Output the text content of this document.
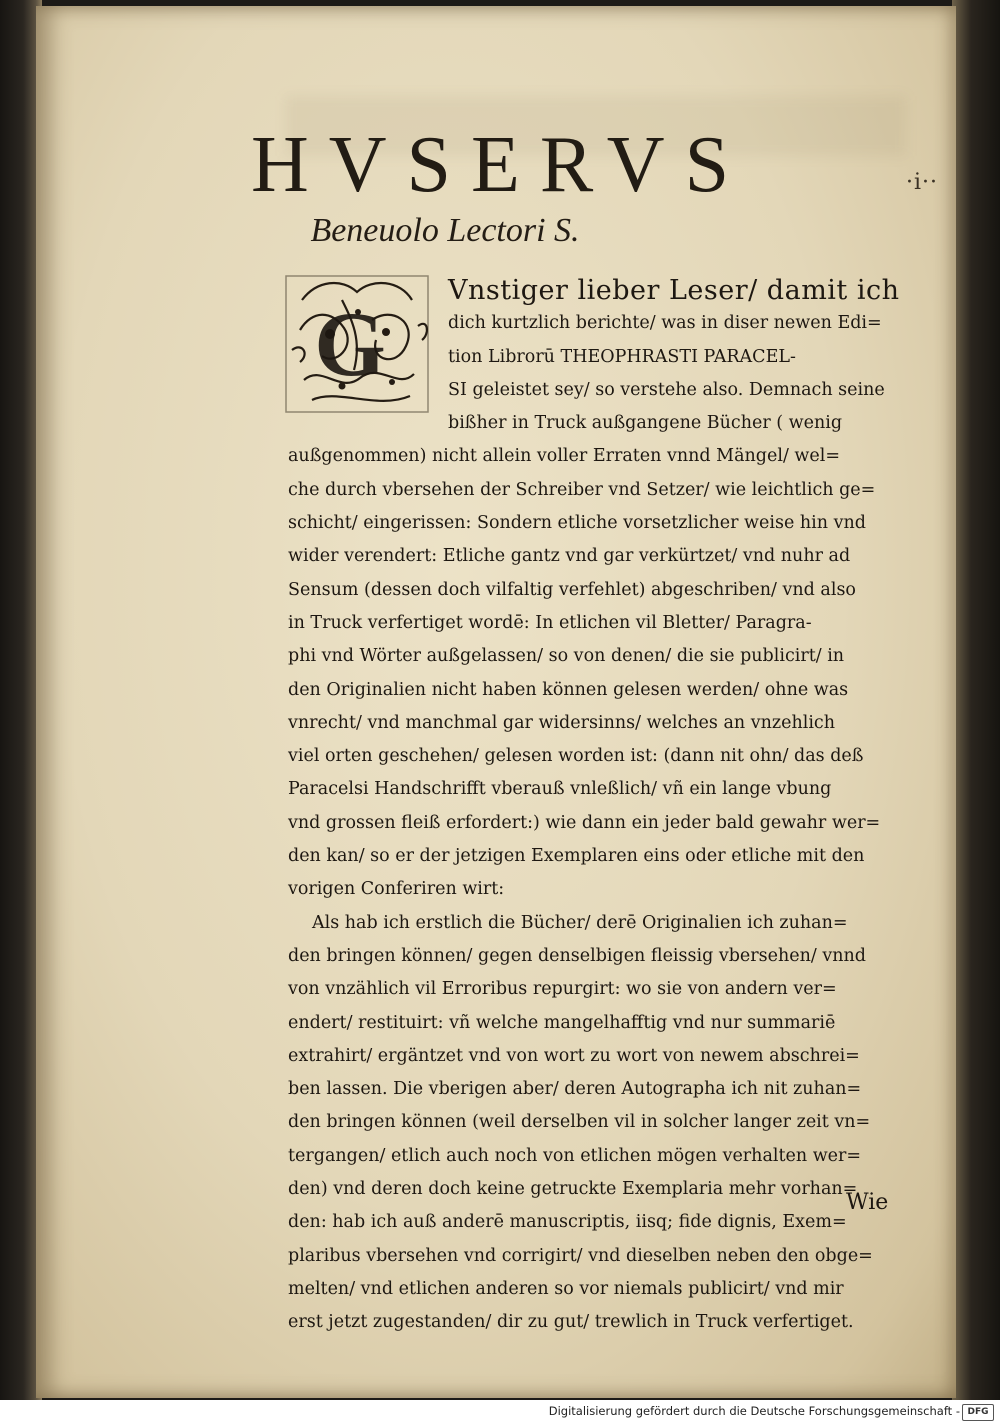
·i··
HVSERVS
Beneuolo Lectori S.
G
Vnstiger lieber Leser/ damit ich
dich kurtzlich berichte/ was in diser newen Edi=
tion Librorū THEOPHRASTI PARACEL-
SI geleistet sey/ so verstehe also. Demnach seine
bißher in Truck außgangene Bücher ( wenig
außgenommen) nicht allein voller Erraten vnnd Mängel/ wel=
che durch vbersehen der Schreiber vnd Setzer/ wie leichtlich ge=
schicht/ eingerissen: Sondern etliche vorsetzlicher weise hin vnd
wider verendert: Etliche gantz vnd gar verkürtzet/ vnd nuhr ad
Sensum (dessen doch vilfaltig verfehlet) abgeschriben/ vnd also
in Truck verfertiget wordē: In etlichen vil Bletter/ Paragra-
phi vnd Wörter außgelassen/ so von denen/ die sie publicirt/ in
den Originalien nicht haben können gelesen werden/ ohne was
vnrecht/ vnd manchmal gar widersinns/ welches an vnzehlich
viel orten geschehen/ gelesen worden ist: (dann nit ohn/ das deß
Paracelsi Handschrifft vberauß vnleßlich/ vñ ein lange vbung
vnd grossen fleiß erfordert:) wie dann ein jeder bald gewahr wer=
den kan/ so er der jetzigen Exemplaren eins oder etliche mit den
vorigen Conferiren wirt:
Als hab ich erstlich die Bücher/ derē Originalien ich zuhan=
den bringen können/ gegen denselbigen fleissig vbersehen/ vnnd
von vnzählich vil Erroribus repurgirt: wo sie von andern ver=
endert/ restituirt: vñ welche mangelhafftig vnd nur summariē
extrahirt/ ergäntzet vnd von wort zu wort von newem abschrei=
ben lassen. Die vberigen aber/ deren Autographa ich nit zuhan=
den bringen können (weil derselben vil in solcher langer zeit vn=
tergangen/ etlich auch noch von etlichen mögen verhalten wer=
den) vnd deren doch keine getruckte Exemplaria mehr vorhan=
den: hab ich auß anderē manuscriptis, iisq; fide dignis, Exem=
plaribus vbersehen vnd corrigirt/ vnd dieselben neben den obge=
melten/ vnd etlichen anderen so vor niemals publicirt/ vnd mir
erst jetzt zugestanden/ dir zu gut/ trewlich in Truck verfertiget.
Wie
Digitalisierung gefördert durch die Deutsche Forschungsgemeinschaft - DFG
